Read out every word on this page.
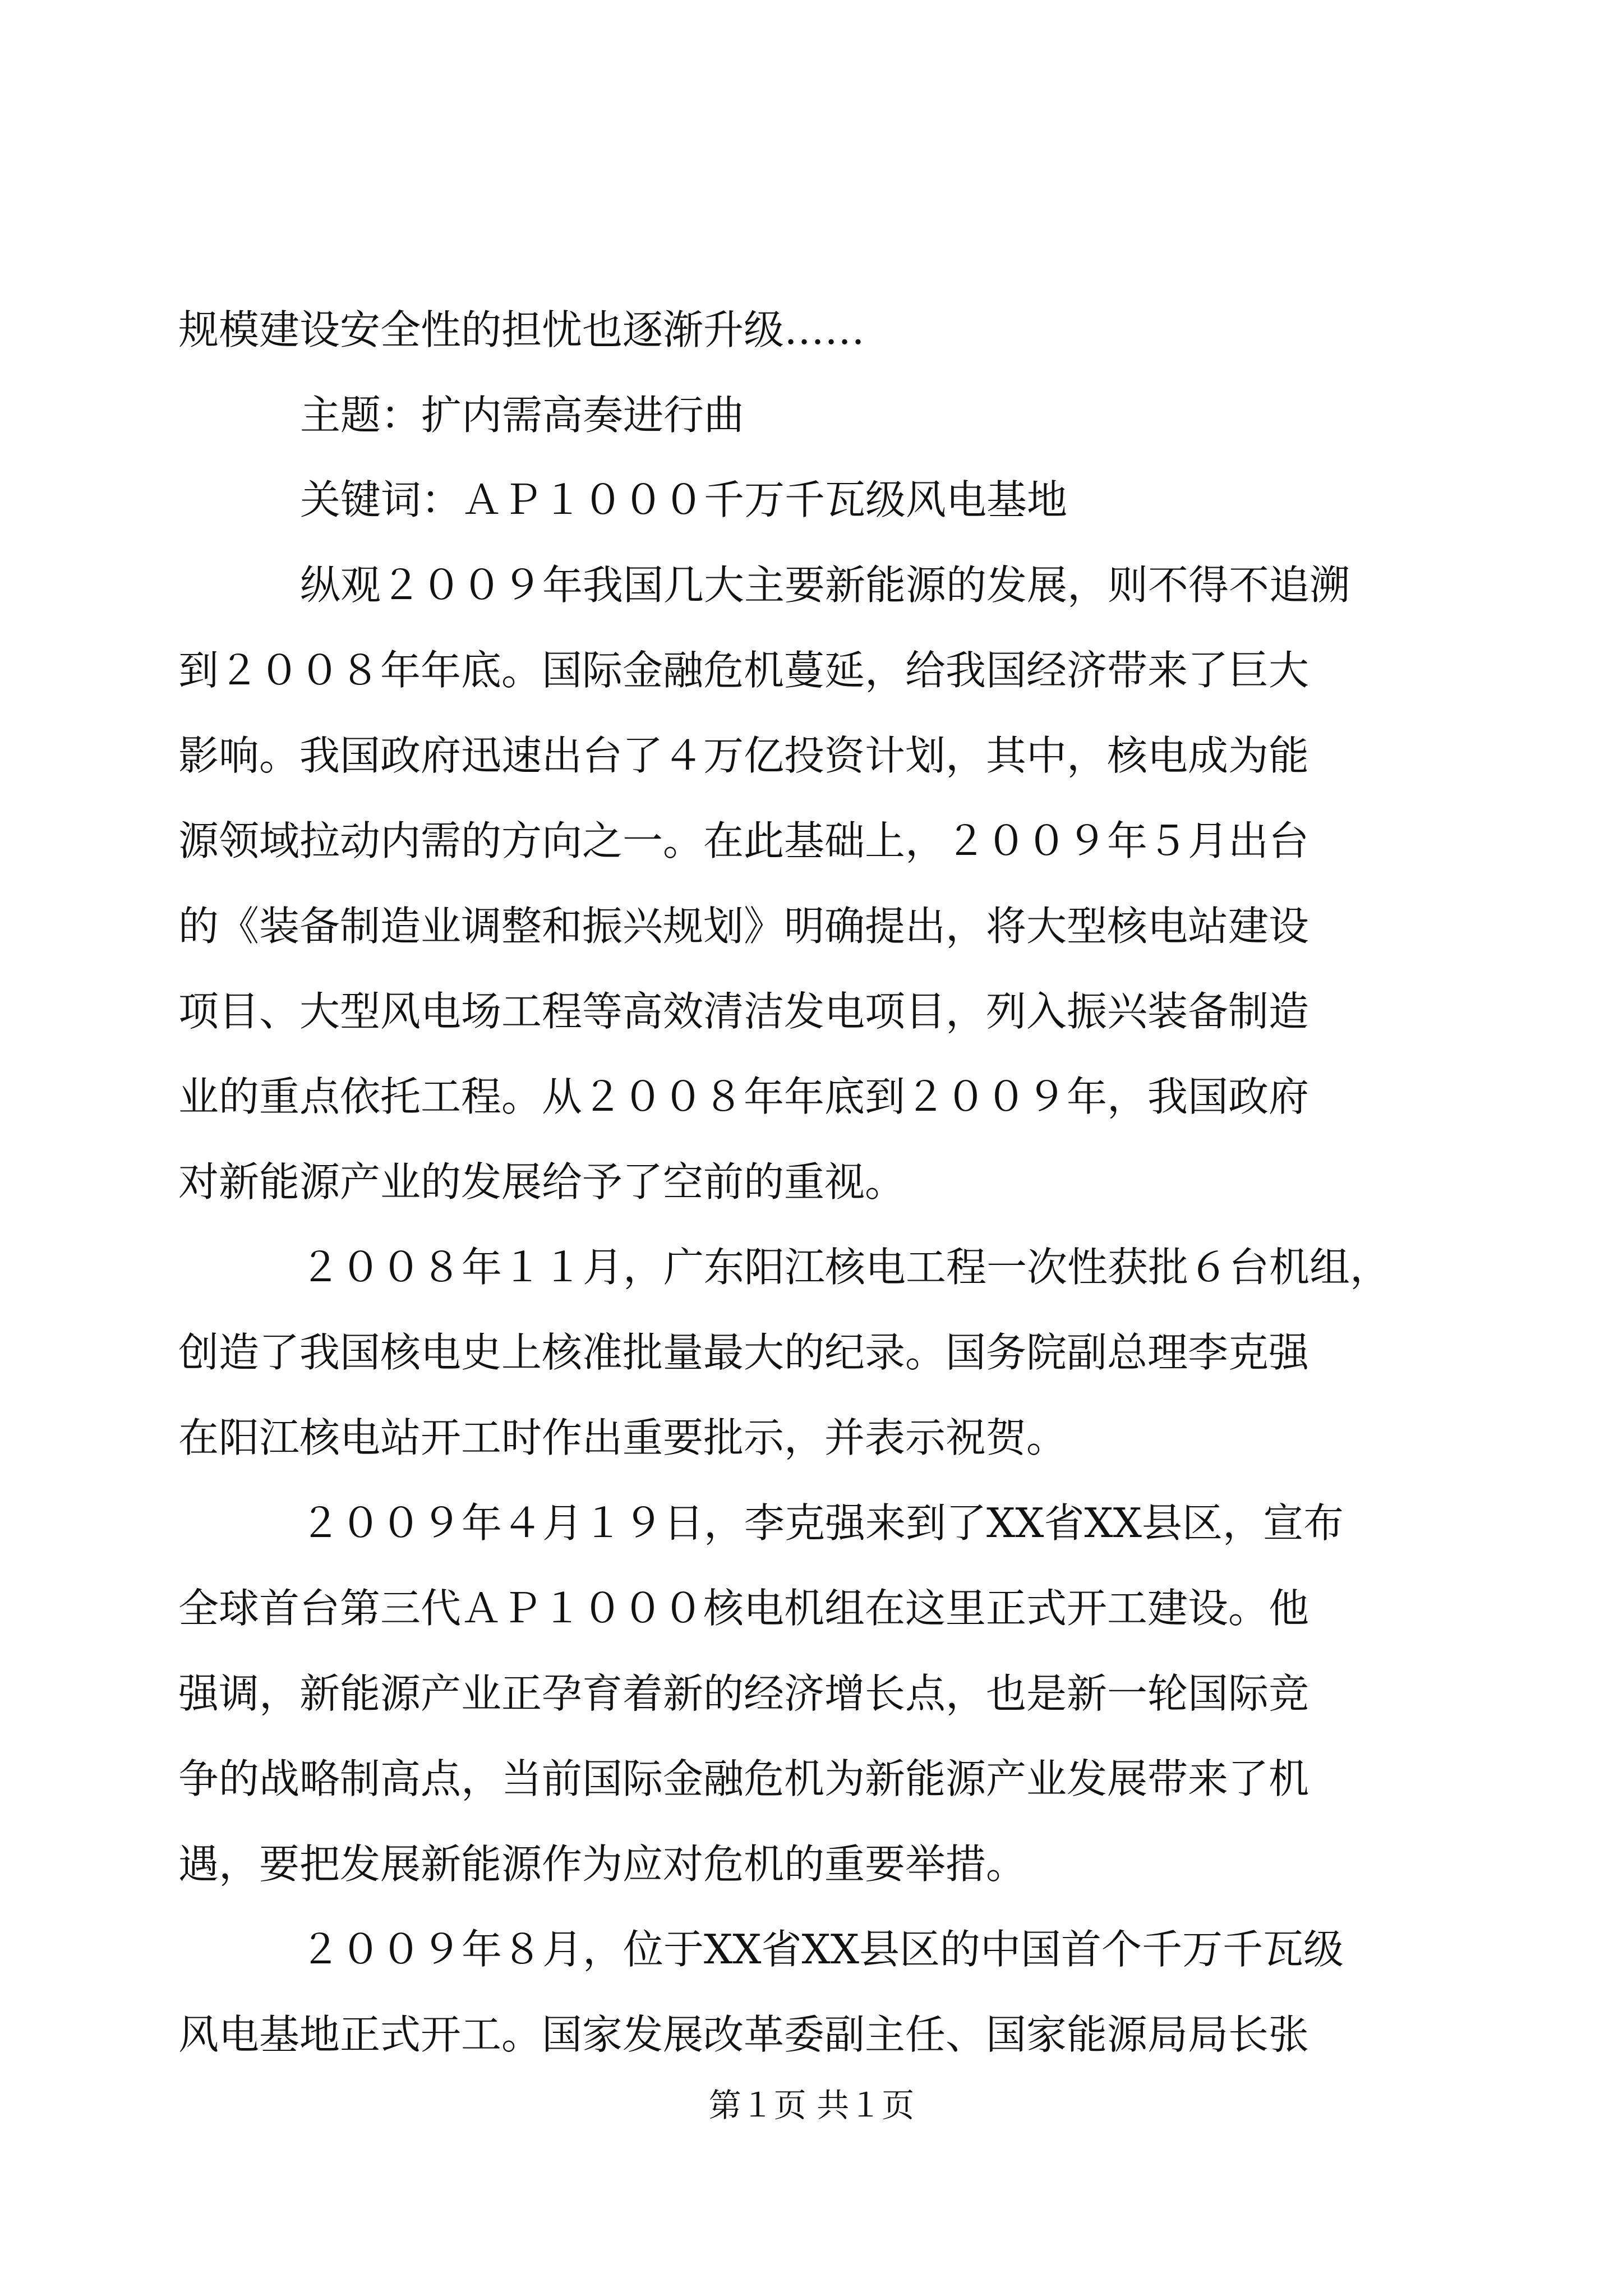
规模建设安全性的担忧也逐渐升级……
主题：扩内需高奏进行曲
关键词：ＡＰ１０００千万千瓦级风电基地
纵观２００９年我国几大主要新能源的发展，则不得不追溯
到２００８年年底。国际金融危机蔓延，给我国经济带来了巨大
影响。我国政府迅速出台了４万亿投资计划，其中，核电成为能
源领域拉动内需的方向之一。在此基础上，２００９年５月出台
的《装备制造业调整和振兴规划》明确提出，将大型核电站建设
项目、大型风电场工程等高效清洁发电项目，列入振兴装备制造
业的重点依托工程。从２００８年年底到２００９年，我国政府
对新能源产业的发展给予了空前的重视。
２００８年１１月，广东阳江核电工程一次性获批６台机组，
创造了我国核电史上核准批量最大的纪录。国务院副总理李克强
在阳江核电站开工时作出重要批示，并表示祝贺。
２００９年４月１９日，李克强来到了XX省XX县区，宣布
全球首台第三代ＡＰ１０００核电机组在这里正式开工建设。他
强调，新能源产业正孕育着新的经济增长点，也是新一轮国际竞
争的战略制高点，当前国际金融危机为新能源产业发展带来了机
遇，要把发展新能源作为应对危机的重要举措。
２００９年８月，位于XX省XX县区的中国首个千万千瓦级
风电基地正式开工。国家发展改革委副主任、国家能源局局长张
第１页 共１页
